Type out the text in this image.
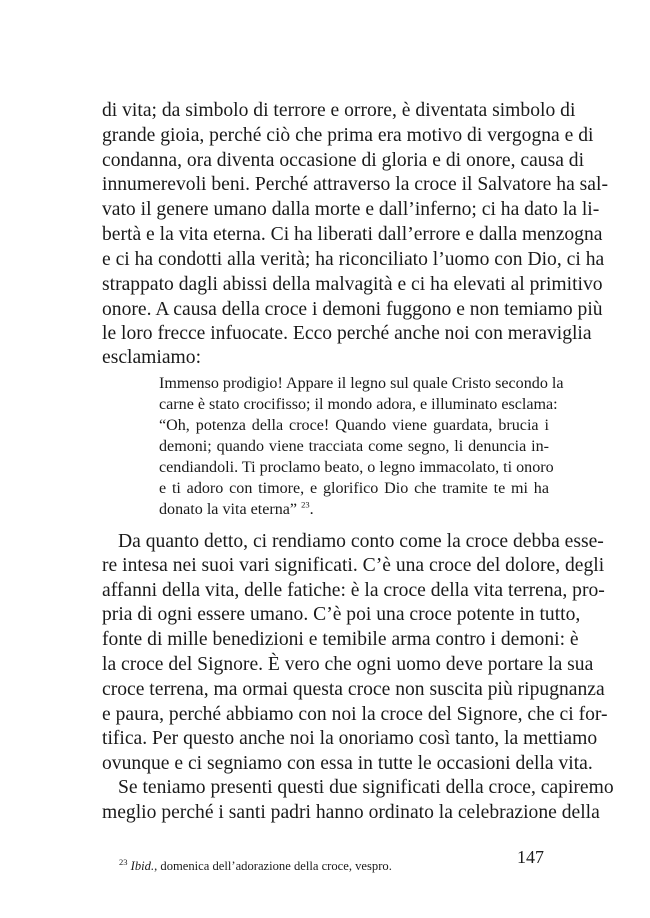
di vita; da simbolo di terrore e orrore, è diventata simbolo di
grande gioia, perché ciò che prima era motivo di vergogna e di
condanna, ora diventa occasione di gloria e di onore, causa di
innumerevoli beni. Perché attraverso la croce il Salvatore ha sal-
vato il genere umano dalla morte e dall’inferno; ci ha dato la li-
bertà e la vita eterna. Ci ha liberati dall’errore e dalla menzogna
e ci ha condotti alla verità; ha riconciliato l’uomo con Dio, ci ha
strappato dagli abissi della malvagità e ci ha elevati al primitivo
onore. A causa della croce i demoni fuggono e non temiamo più
le loro frecce infuocate. Ecco perché anche noi con meraviglia
esclamiamo:
Immenso prodigio! Appare il legno sul quale Cristo secondo la
carne è stato crocifisso; il mondo adora, e illuminato esclama:
“Oh, potenza della croce! Quando viene guardata, brucia i
demoni; quando viene tracciata come segno, li denuncia in-
cendiandoli. Ti proclamo beato, o legno immacolato, ti onoro
e ti adoro con timore, e glorifico Dio che tramite te mi ha
donato la vita eterna” $^{23}$.
Da quanto detto, ci rendiamo conto come la croce debba esse-
re intesa nei suoi vari significati. C’è una croce del dolore, degli
affanni della vita, delle fatiche: è la croce della vita terrena, pro-
pria di ogni essere umano. C’è poi una croce potente in tutto,
fonte di mille benedizioni e temibile arma contro i demoni: è
la croce del Signore. È vero che ogni uomo deve portare la sua
croce terrena, ma ormai questa croce non suscita più ripugnanza
e paura, perché abbiamo con noi la croce del Signore, che ci for-
tifica. Per questo anche noi la onoriamo così tanto, la mettiamo
ovunque e ci segniamo con essa in tutte le occasioni della vita.
Se teniamo presenti questi due significati della croce, capiremo
meglio perché i santi padri hanno ordinato la celebrazione della
$^{23}$ Ibid., domenica dell’adorazione della croce, vespro.	147
